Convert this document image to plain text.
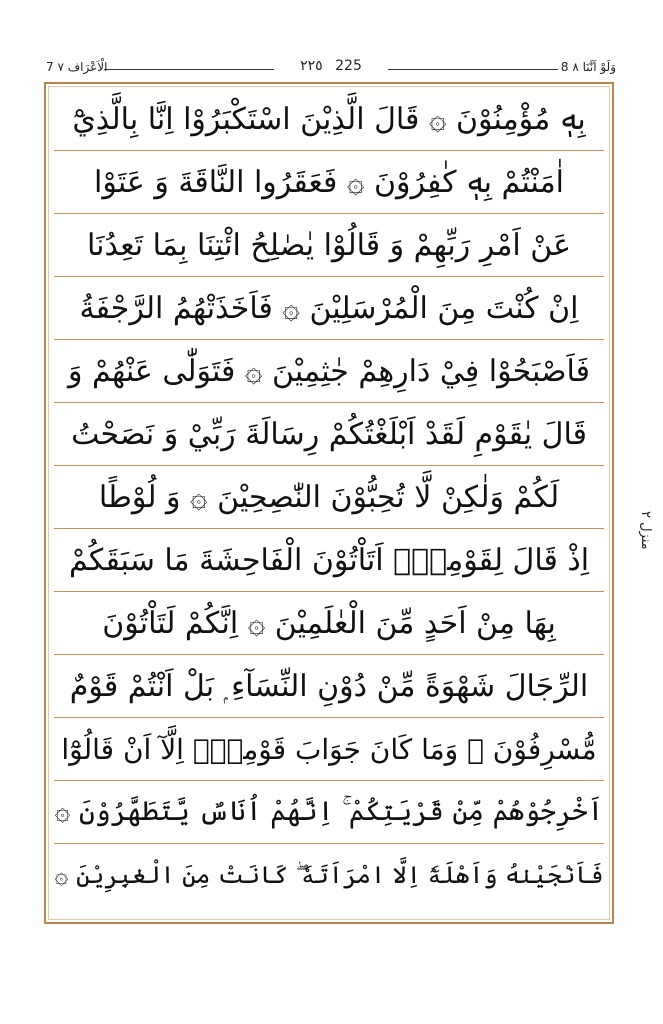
7 الْاَعْرَاف ٧	٢٢٥ 225	8 وَلَوْ اَنَّنَا ٨
بِهٖ مُؤْمِنُوْنَ ۞ قَالَ الَّذِيْنَ اسْتَكْبَرُوْا اِنَّا بِالَّذِيْٓ
اٰمَنْتُمْ بِهٖ كٰفِرُوْنَ ۞ فَعَقَرُوا النَّاقَةَ وَ عَتَوْا
عَنْ اَمْرِ رَبِّهِمْ وَ قَالُوْا يٰصٰلِحُ ائْتِنَا بِمَا تَعِدُنَا
اِنْ كُنْتَ مِنَ الْمُرْسَلِيْنَ ۞ فَاَخَذَتْهُمُ الرَّجْفَةُ
فَاَصْبَحُوْا فِيْ دَارِهِمْ جٰثِمِيْنَ ۞ فَتَوَلّٰى عَنْهُمْ وَ
قَالَ يٰقَوْمِ لَقَدْ اَبْلَغْتُكُمْ رِسَالَةَ رَبِّيْ وَ نَصَحْتُ
لَكُمْ وَلٰكِنْ لَّا تُحِبُّوْنَ النّٰصِحِيْنَ ۞ وَ لُوْطًا
اِذْ قَالَ لِقَوْمِهٖٓ اَتَاْتُوْنَ الْفَاحِشَةَ مَا سَبَقَكُمْ
بِهَا مِنْ اَحَدٍ مِّنَ الْعٰلَمِيْنَ ۞ اِنَّكُمْ لَتَاْتُوْنَ
الرِّجَالَ شَهْوَةً مِّنْ دُوْنِ النِّسَآءِ ۭ بَلْ اَنْتُمْ قَوْمٌ
مُّسْرِفُوْنَ ۞ وَمَا كَانَ جَوَابَ قَوْمِهٖٓ اِلَّآ اَنْ قَالُوْٓا
اَخْرِجُوْهُمْ مِّنْ قَرْيَتِكُمْ ۚ اِنَّهُمْ اُنَاسٌ يَّتَطَهَّرُوْنَ ۞
فَاَنْجَيْنٰهُ وَاَهْلَهٗٓ اِلَّا امْرَاَتَهٗ ۖ كَانَتْ مِنَ الْغٰبِرِيْنَ ۞
منزل ٢
